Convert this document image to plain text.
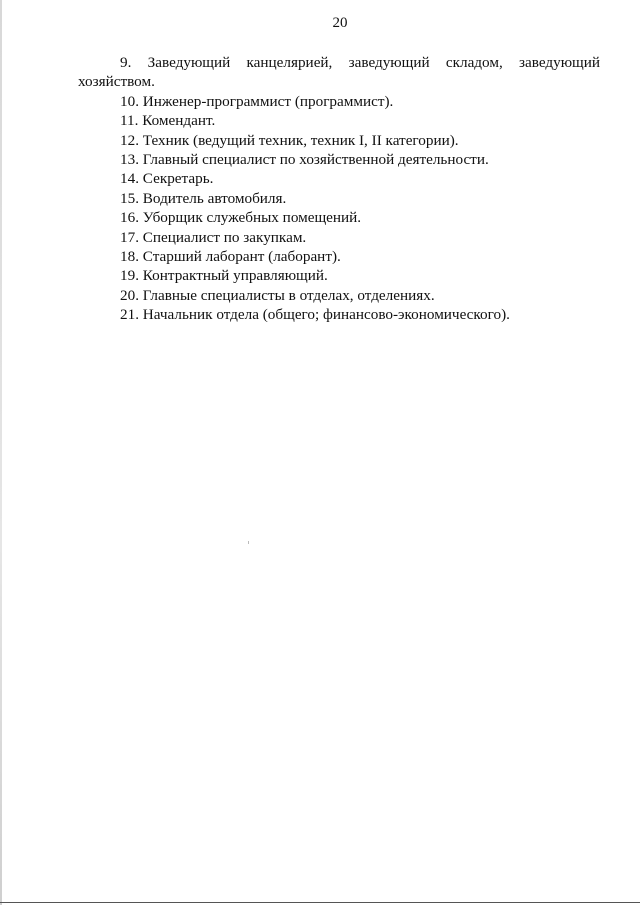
20

9. Заведующий канцелярией, заведующий складом, заведующий
хозяйством.

10. Инженер-программист (программист).

11. Комендант.

12. Техник (ведущий техник, техник I, II категории).

13. Главный специалист по хозяйственной деятельности.

14. Секретарь.

15. Водитель автомобиля.

16. Уборщик служебных помещений.

17. Специалист по закупкам.

18. Старший лаборант (лаборант).

19. Контрактный управляющий.

20. Главные специалисты в отделах, отделениях.

21. Начальник отдела (общего; финансово-экономического).
